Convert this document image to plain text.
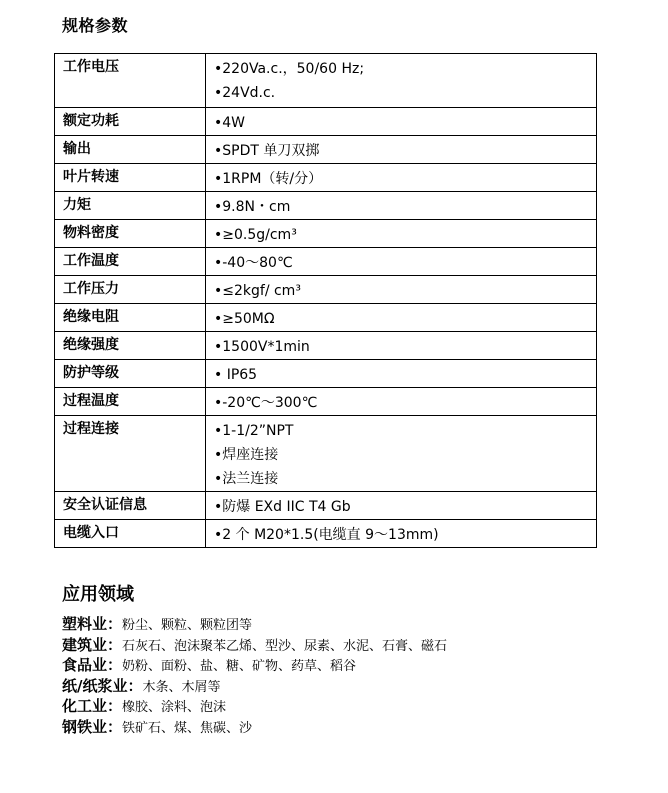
规格参数
工作电压	•220Va.c.，50/60 Hz;
•24Vd.c.

额定功耗	•4W

输出	•SPDT 单刀双掷

叶片转速	•1RPM（转/分）

力矩	•9.8N・cm

物料密度	•≥0.5g/cm³

工作温度	•-40～80℃

工作压力	•≤2kgf/ cm³

绝缘电阻	•≥50MΩ

绝缘强度	•1500V*1min

防护等级	• IP65

过程温度	•-20℃～300℃

过程连接	•1-1/2”NPT
•焊座连接
•法兰连接

安全认证信息	•防爆 EXd IIC T4 Gb

电缆入口	•2 个 M20*1.5(电缆直 9～13mm)
应用领域
塑料业：粉尘、颗粒、颗粒团等
建筑业：石灰石、泡沫聚苯乙烯、型沙、尿素、水泥、石膏、磁石
食品业：奶粉、面粉、盐、糖、矿物、药草、稻谷
纸/纸浆业：木条、木屑等
化工业：橡胶、涂料、泡沫
钢铁业：铁矿石、煤、焦碳、沙
